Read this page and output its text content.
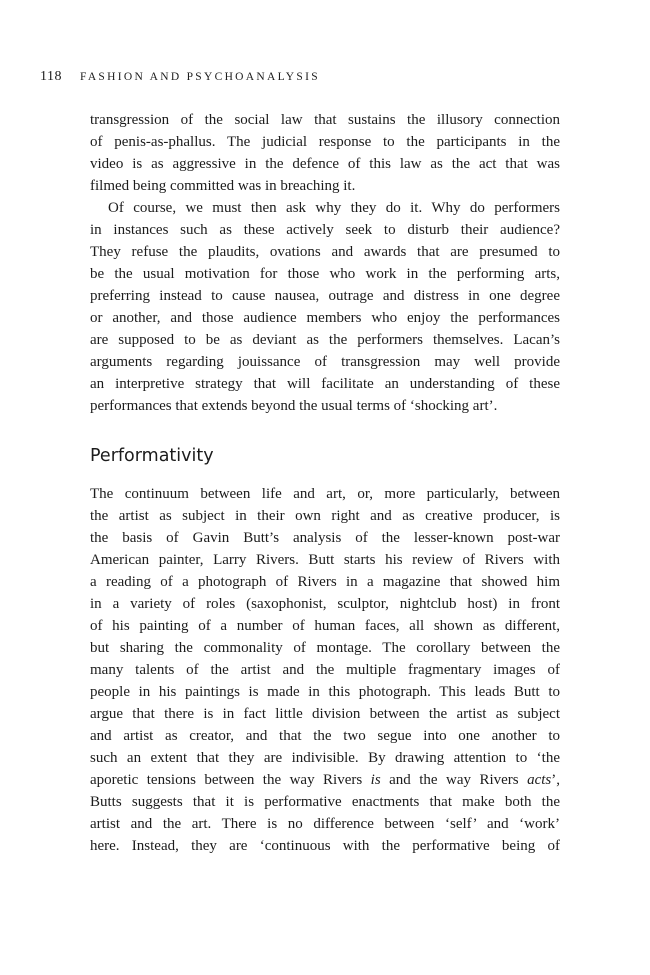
118 FASHION AND PSYCHOANALYSIS
transgression of the social law that sustains the illusory connection
of penis-as-phallus. The judicial response to the participants in the
video is as aggressive in the defence of this law as the act that was
filmed being committed was in breaching it.
Of course, we must then ask why they do it. Why do performers
in instances such as these actively seek to disturb their audience?
They refuse the plaudits, ovations and awards that are presumed to
be the usual motivation for those who work in the performing arts,
preferring instead to cause nausea, outrage and distress in one degree
or another, and those audience members who enjoy the performances
are supposed to be as deviant as the performers themselves. Lacan’s
arguments regarding jouissance of transgression may well provide
an interpretive strategy that will facilitate an understanding of these
performances that extends beyond the usual terms of ‘shocking art’.
Performativity
The continuum between life and art, or, more particularly, between
the artist as subject in their own right and as creative producer, is
the basis of Gavin Butt’s analysis of the lesser-known post-war
American painter, Larry Rivers. Butt starts his review of Rivers with
a reading of a photograph of Rivers in a magazine that showed him
in a variety of roles (saxophonist, sculptor, nightclub host) in front
of his painting of a number of human faces, all shown as different,
but sharing the commonality of montage. The corollary between the
many talents of the artist and the multiple fragmentary images of
people in his paintings is made in this photograph. This leads Butt to
argue that there is in fact little division between the artist as subject
and artist as creator, and that the two segue into one another to
such an extent that they are indivisible. By drawing attention to ‘the
aporetic tensions between the way Rivers is and the way Rivers acts’,
Butts suggests that it is performative enactments that make both the
artist and the art. There is no difference between ‘self’ and ‘work’
here. Instead, they are ‘continuous with the performative being of
